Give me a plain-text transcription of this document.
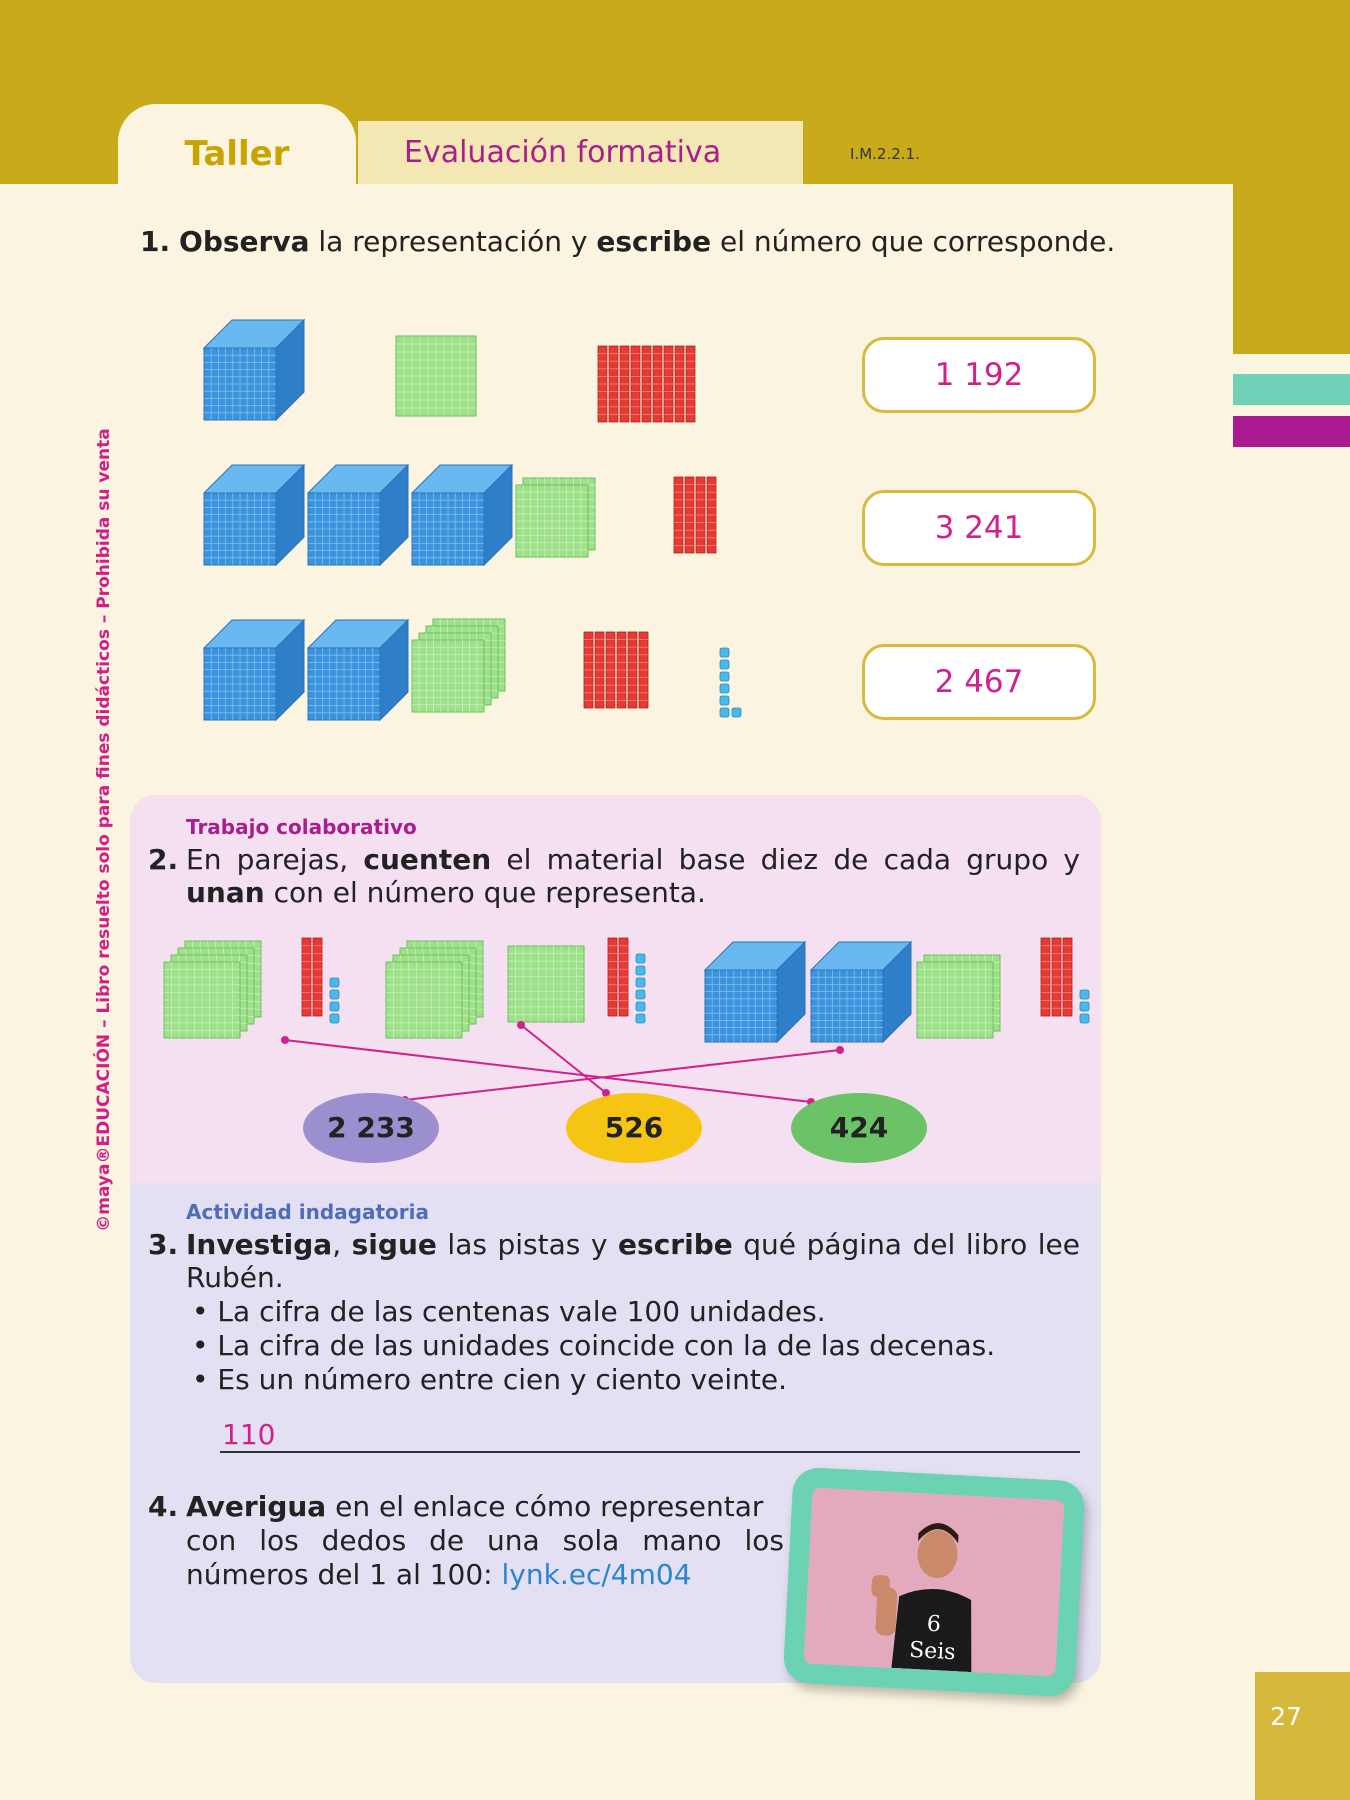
Taller	Evaluación formativa	I.M.2.2.1.
©maya®EDUCACIÓN – Libro resuelto solo para fines didácticos – Prohibida su venta
1. Observa la representación y escribe el número que corresponde.
1 192
3 241
2 467
Trabajo colaborativo
2. En parejas, cuenten el material base diez de cada grupo y
unan con el número que representa.
2 233	526	424
Actividad indagatoria
3. Investiga, sigue las pistas y escribe qué página del libro lee
Rubén.
• La cifra de las centenas vale 100 unidades.
• La cifra de las unidades coincide con la de las decenas.
• Es un número entre cien y ciento veinte.
110
4. Averigua en el enlace cómo representar
con los dedos de una sola mano los
números del 1 al 100: lynk.ec/4m04
6
Seis
27
